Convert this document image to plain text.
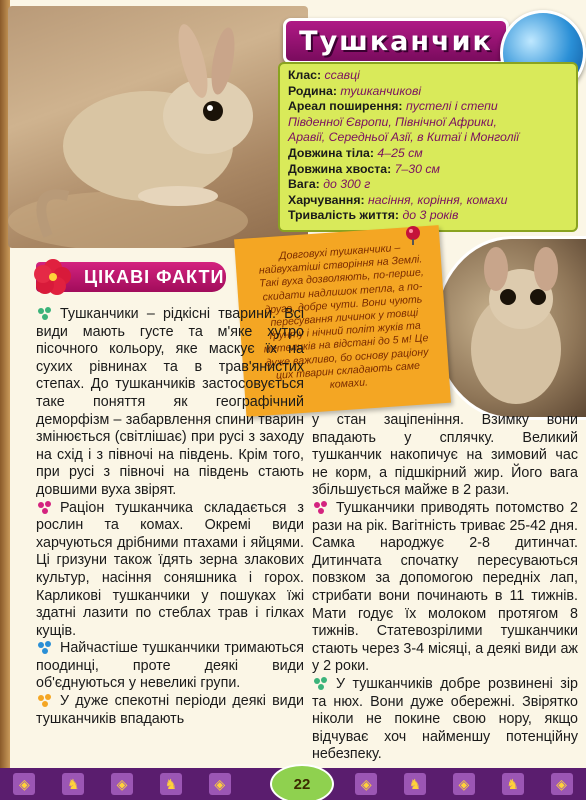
Тушканчик
Клас: ссавці
Родина: тушканчикові
Ареал поширення: пустелі і степи
Південної Європи, Північної Африки,
Аравії, Середньої Азії, в Китаї і Монголії
Довжина тіла: 4–25 см
Довжина хвоста: 7–30 см
Вага: до 300 г
Харчування: насіння, коріння, комахи
Тривалість життя: до 3 років
ЦІКАВІ ФАКТИ
Довговухі тушканчики – найвухатіші створіння на Землі. Такі вуха дозволяють, по-перше, скидати надлишок тепла, а по-друге, добре чути. Вони чують пересування личинок у товщі ґрунту і нічний політ жуків та метеликів на відстані до 5 м! Це дуже важливо, бо основу раціону цих тварин складають саме комахи.

Тушканчики – рідкісні тварини. Всі види мають густе та м'яке хутро пісочного кольору, яке маскує їх на сухих рівнинах та в трав'янистих степах. До тушканчиків застосовується таке поняття як географічний деморфізм – забарвлення спини тварин змінюється (світлішає) при русі з заходу на схід і з півночі на південь. Крім того, при русі з півночі на південь стають довшими вуха звірят.

Раціон тушканчика складається з рослин та комах. Окремі види харчуються дрібними птахами і яйцями. Ці гризуни також їдять зерна злакових культур, насіння соняшника і горох. Карликові тушканчики у пошуках їжі здатні лазити по стеблах трав і гілках кущів.

Найчастіше тушканчики тримаються поодинці, проте деякі види об'єднуються у невеликі групи.

У дуже спекотні періоди деякі види тушканчиків впадають

у стан заціпеніння. Взимку вони впадають у сплячку. Великий тушканчик накопичує на зимовий час не корм, а підшкірний жир. Його вага збільшується майже в 2 рази.

Тушканчики приводять потомство 2 рази на рік. Вагітність триває 25-42 дня. Самка народжує 2-8 дитинчат. Дитинчата спочатку пересуваються повзком за допомогою передніх лап, стрибати вони починають в 11 тижнів. Мати годує їх молоком протягом 8 тижнів. Статевозрілими тушканчики стають через 3-4 місяці, а деякі види аж у 2 роки.

У тушканчиків добре розвинені зір та нюх. Вони дуже обережні. Звірятко ніколи не покине свою нору, якщо відчуває хоч найменшу потенційну небезпеку.

◈	♞	◈	♞	◈	◈	♞	◈	♞	◈
22
